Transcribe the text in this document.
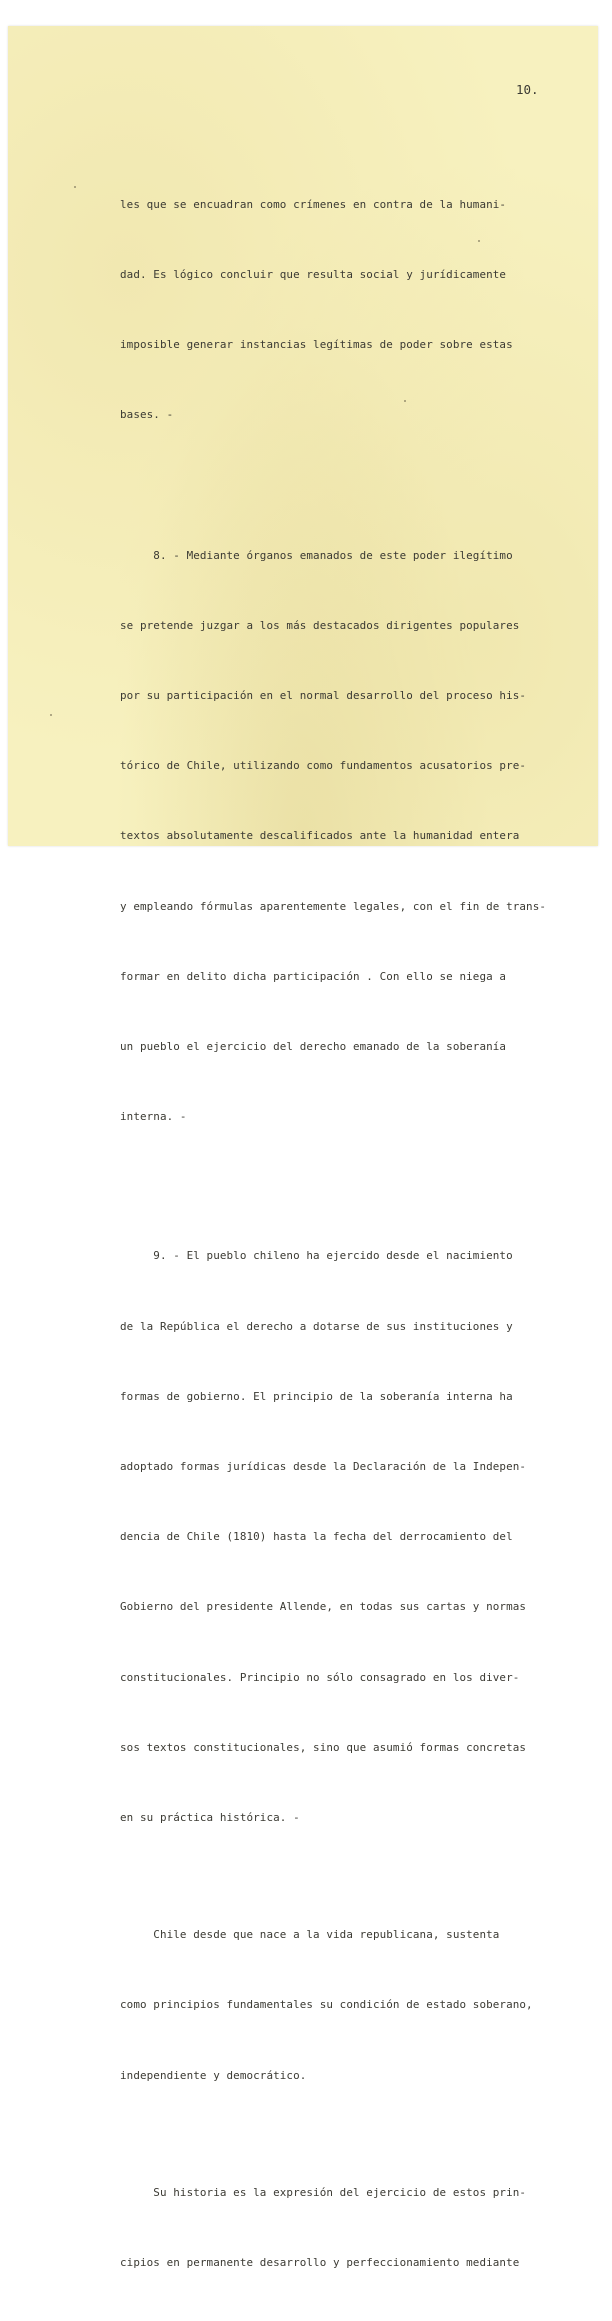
10.

les que se encuadran como crímenes en contra de la humani-

dad. Es lógico concluir que resulta social y jurídicamente

imposible generar instancias legítimas de poder sobre estas

bases. -

8. - Mediante órganos emanados de este poder ilegítimo

se pretende juzgar a los más destacados dirigentes populares

por su participación en el normal desarrollo del proceso his-

tórico de Chile, utilizando como fundamentos acusatorios pre-

textos absolutamente descalificados ante la humanidad entera

y empleando fórmulas aparentemente legales, con el fin de trans-

formar en delito dicha participación . Con ello se niega a

un pueblo el ejercicio del derecho emanado de la soberanía

interna. -

9. - El pueblo chileno ha ejercido desde el nacimiento

de la República el derecho a dotarse de sus instituciones y

formas de gobierno. El principio de la soberanía interna ha

adoptado formas jurídicas desde la Declaración de la Indepen-

dencia de Chile (1810) hasta la fecha del derrocamiento del

Gobierno del presidente Allende, en todas sus cartas y normas

constitucionales. Principio no sólo consagrado en los diver-

sos textos constitucionales, sino que asumió formas concretas

en su práctica histórica. -

Chile desde que nace a la vida republicana, sustenta

como principios fundamentales su condición de estado soberano,

independiente y democrático.

Su historia es la expresión del ejercicio de estos prin-

cipios en permanente desarrollo y perfeccionamiento mediante
